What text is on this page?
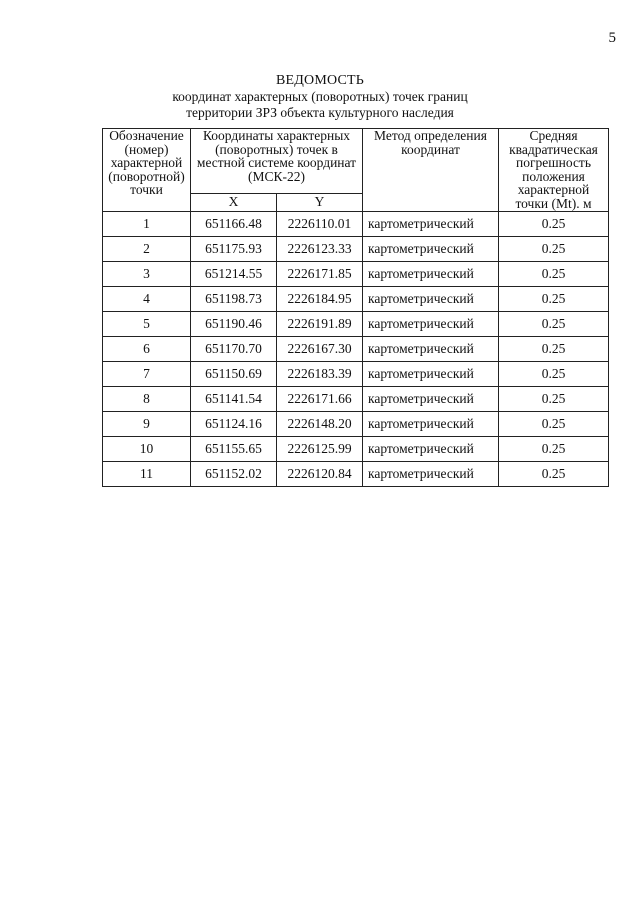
5
ВЕДОМОСТЬ
координат характерных (поворотных) точек границ
территории ЗРЗ объекта культурного наследия
Обозначение (номер) характерной (поворотной) точки	Координаты характерных (поворотных) точек в местной системе координат (МСК-22)		Метод определения координат	Средняя квадратическая погрешность положения характерной точки (Mt). м
	X	Y		
1	651166.48	2226110.01	картометрический	0.25
2	651175.93	2226123.33	картометрический	0.25
3	651214.55	2226171.85	картометрический	0.25
4	651198.73	2226184.95	картометрический	0.25
5	651190.46	2226191.89	картометрический	0.25
6	651170.70	2226167.30	картометрический	0.25
7	651150.69	2226183.39	картометрический	0.25
8	651141.54	2226171.66	картометрический	0.25
9	651124.16	2226148.20	картометрический	0.25
10	651155.65	2226125.99	картометрический	0.25
11	651152.02	2226120.84	картометрический	0.25
